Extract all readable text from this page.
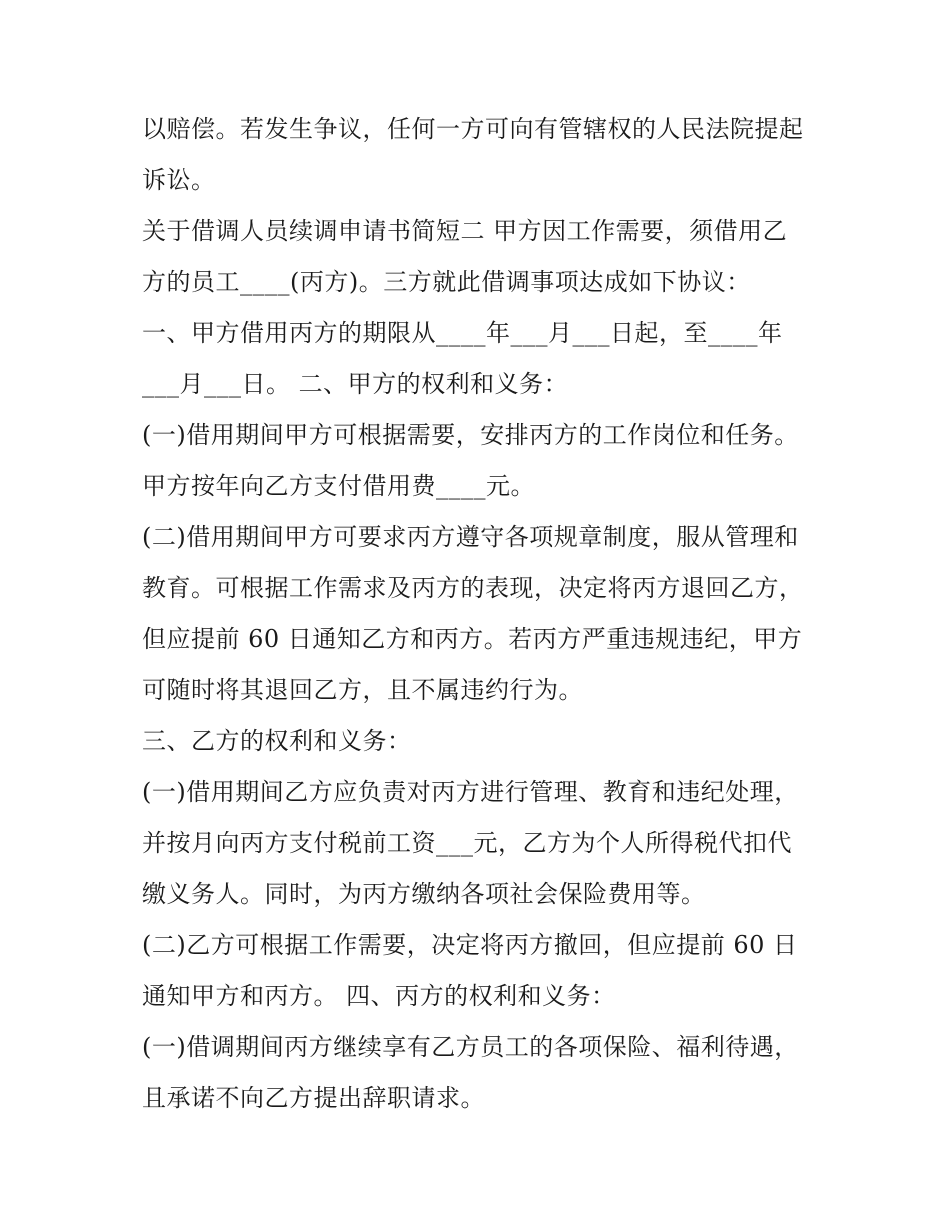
以赔偿。若发生争议，任何一方可向有管辖权的人民法院提起
诉讼。
关于借调人员续调申请书简短二 甲方因工作需要，须借用乙
方的员工____(丙方)。三方就此借调事项达成如下协议：
一、甲方借用丙方的期限从____年___月___日起，至____年
___月___日。 二、甲方的权利和义务：
(一)借用期间甲方可根据需要，安排丙方的工作岗位和任务。
甲方按年向乙方支付借用费____元。
(二)借用期间甲方可要求丙方遵守各项规章制度，服从管理和
教育。可根据工作需求及丙方的表现，决定将丙方退回乙方，
但应提前 60 日通知乙方和丙方。若丙方严重违规违纪，甲方
可随时将其退回乙方，且不属违约行为。
三、乙方的权利和义务：
(一)借用期间乙方应负责对丙方进行管理、教育和违纪处理，
并按月向丙方支付税前工资___元，乙方为个人所得税代扣代
缴义务人。同时，为丙方缴纳各项社会保险费用等。
(二)乙方可根据工作需要，决定将丙方撤回，但应提前 60 日
通知甲方和丙方。 四、丙方的权利和义务：
(一)借调期间丙方继续享有乙方员工的各项保险、福利待遇，
且承诺不向乙方提出辞职请求。
